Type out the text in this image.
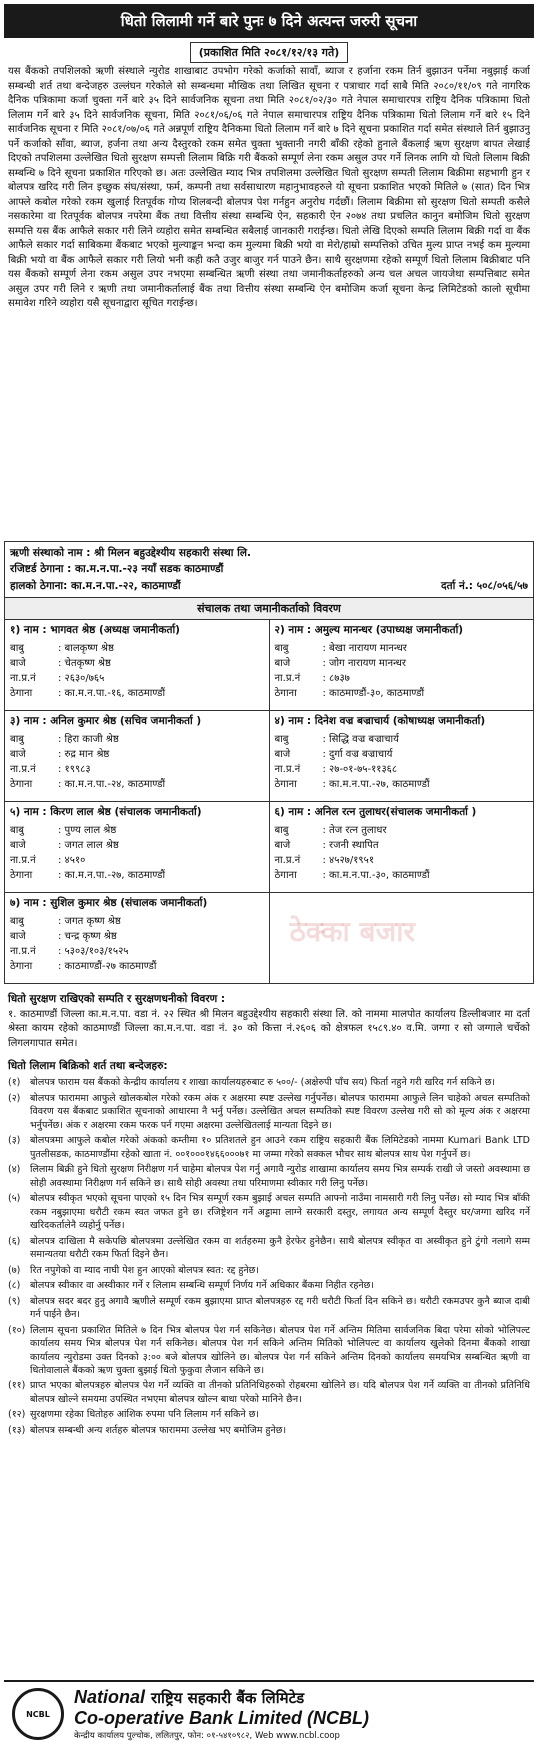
धितो लिलामी गर्ने बारे पुनः ७ दिने अत्यन्त जरुरी सूचना
(प्रकाशित मिति २०८१/१२/१३ गते)
यस बैंकको तपशिलको ऋणी संस्थाले न्युरोड शाखाबाट उपभोग गरेको कर्जाको सावाँ, ब्याज र हर्जाना रकम तिर्न बुझाउन पर्नेमा नबुझाई कर्जा सम्बन्धी शर्त तथा बन्देजहरु उल्लंघन गरेकोले सो सम्बन्धमा मौखिक तथा लिखित सूचना र पत्राचार गर्दा साबै मिति २०८०/११/०९ गते नागरिक दैनिक पत्रिकामा कर्जा चुक्ता गर्ने बारे ३५ दिने सार्वजनिक सूचना तथा मिति २०८१/०२/३० गते नेपाल समाचारपत्र राष्ट्रिय दैनिक पत्रिकामा धितो लिलाम गर्ने बारे ३५ दिने सार्वजनिक सूचना, मिति २०८१/०६/०६ गते नेपाल समाचारपत्र राष्ट्रिय दैनिक पत्रिकामा धितो लिलाम गर्ने बारे १५ दिने सार्वजनिक सूचना र मिति २०८१/०७/०६ गते अन्नपूर्ण राष्ट्रिय दैनिकमा धितो लिलाम गर्ने बारे ७ दिने सूचना प्रकाशित गर्दा समेत संस्थाले तिर्न बुझाउनु पर्ने कर्जाको साँवा, ब्याज, हर्जना तथा अन्य दैस्तुरको रकम समेत चुक्ता भुक्तानी नगरी बाँकी रहेको हुनाले बैंकलाई ऋण सुरक्षण बापत लेखाई दिएको तपशिलमा उल्लेखित धितो सुरक्षण सम्पत्ती लिलाम बिक्रि गरी बैंकको सम्पूर्ण लेना रकम असुल उपर गर्ने लिनक लागि यो धितो लिलाम बिक्री सम्बन्धि ७ दिने सूचना प्रकाशित गरिएको छ। अतः उल्लेखित म्याद भित्र तपशिलमा उल्लेखित धितो सुरक्षण सम्पती लिलाम बिक्रीमा सहभागी हुन र बोलपत्र खरिद गरी लिन इच्छुक संघ/संस्था, फर्म, कम्पनी तथा सर्वसाधारण महानुभावहरुले यो सूचना प्रकाशित भएको मितिले ७ (सात) दिन भित्र आफ्ले कबोल गरेको रकम खुलाई रितपूर्वक गोप्य शिलबन्दी बोलपत्र पेश गर्नहुन अनुरोध गर्दछौं। लिलाम बिक्रीमा सो सुरक्षण धितो सम्पती कसैले नसकारेमा वा रितपूर्वक बोलपत्र नपरेमा बैंक तथा वित्तीय संस्था सम्बन्धि ऐन, सहकारी ऐन २०७४ तथा प्रचलित कानुन बमोजिम धितो सुरक्षण सम्पत्ति यस बैंक आफैले सकार गरी लिने व्यहोरा समेत सम्बन्धित सबैलाई जानकारी गराईन्छ। धितो लेखि दिएको सम्पति लिलाम बिक्री गर्दा वा बैंक आफैले सकार गर्दा साबिकमा बैंकबाट भएको मुल्याङ्कन भन्दा कम मुल्यमा बिक्री भयो वा मेरो/हाम्रो सम्पत्तिको उचित मुल्य प्राप्त नभई कम मुल्यमा बिक्री भयो वा बैंक आफैले सकार गरी लियो भनी कही कतै उजुर बाजुर गर्न पाउने छैन। साथै सुरक्षणमा रहेको सम्पूर्ण धितो लिलाम बिक्रीबाट पनि यस बैंकको सम्पूर्ण लेना रकम असुल उपर नभएमा सम्बन्धित ऋणी संस्था तथा जमानीकर्ताहरुको अन्य चल अचल जायजेथा सम्पत्तिबाट समेत असुल उपर गरी लिने र ऋणी तथा जमानीकर्तालाई बैंक तथा वित्तीय संस्था सम्बन्धि ऐन बमोजिम कर्जा सूचना केन्द्र लिमिटेडको कालो सूचीमा समावेश गरिने व्यहोरा यसै सूचनाद्वारा सूचित गराईन्छ।
ऋणी संस्थाको नाम : श्री मिलन बहुउद्देश्यीय सहकारी संस्था लि.
रजिष्टर्ड ठेगाना : का.म.न.पा.-२३ नयाँ सडक काठमाण्डौं
हालको ठेगाना: का.म.न.पा.-२२, काठमाण्डौं	दर्ता नं.: ५०८/०५६/५७
संचालक तथा जमानीकर्ताको विवरण
१) नाम : भागवत श्रेष्ठ (अध्यक्ष जमानीकर्ता)
बाबु	: बालकृष्ण श्रेष्ठ
बाजे	: चेतकृष्ण श्रेष्ठ
ना.प्र.नं	: २६३०/७६५
ठेगाना	: का.म.न.पा.-१६, काठमाण्डौं
२) नाम : अमुल्य मानन्धर (उपाध्यक्ष जमानीकर्ता)
बाबु	: बेखा नारायण मानन्धर
बाजे	: जोग नारायण मानन्धर
ना.प्र.नं	: ८७३७
ठेगाना	: काठमाण्डौं-३०, काठमाण्डौं
३) नाम : अनिल कुमार श्रेष्ठ (सचिव जमानीकर्ता )
बाबु	: हिरा काजी श्रेष्ठ
बाजे	: रुद्र मान श्रेष्ठ
ना.प्र.नं	: १९९८३
ठेगाना	: का.म.न.पा.-२४, काठमाण्डौं
४) नाम : दिनेश वज्र बज्राचार्य (कोषाध्यक्ष जमानीकर्ता)
बाबु	: सिद्धि वज्र बज्राचार्य
बाजे	: दुर्गा वज्र बज्राचार्य
ना.प्र.नं	: २७-०१-७५-११३६८
ठेगाना	: का.म.न.पा.-२७, काठमाण्डौं
५) नाम : किरण लाल श्रेष्ठ (संचालक जमानीकर्ता)
बाबु	: पुण्य लाल श्रेष्ठ
बाजे	: जगत लाल श्रेष्ठ
ना.प्र.नं	: ४५१०
ठेगाना	: का.म.न.पा.-२७, काठमाण्डौं
६) नाम : अनिल रत्न तुलाधर(संचालक जमानीकर्ता )
बाबु	: तेज रत्न तुलाधर
बाजे	: रजनी स्थापित
ना.प्र.नं	: ४५२७/१९५१
ठेगाना	: का.म.न.पा.-३०, काठमाण्डौं
७) नाम : सुशिल कुमार श्रेष्ठ (संचालक जमानीकर्ता)
बाबु	: जगत कृष्ण श्रेष्ठ
बाजे	: चन्द्र कृष्ण श्रेष्ठ
ना.प्र.नं	: ५३०३/१०३/१५२५
ठेगाना	: काठमाण्डौं-२७ काठमाण्डौं
ठेक्का बजार
धितो सुरक्षण राखिएको सम्पति र सुरक्षणधनीको विवरण :
१. काठमाण्डौं जिल्ला का.म.न.पा. वडा नं. २२ स्थित श्री मिलन बहुउद्देश्यीय सहकारी संस्था लि. को नाममा मालपोत कार्यालय डिल्लीबजार मा दर्ता श्रेस्ता कायम रहेको काठमाण्डौं जिल्ला का.म.न.पा. वडा नं. ३० को कित्ता नं.२६०६ को क्षेत्रफल १५८९.४० व.मि. जग्गा र सो जग्गाले चर्चेको लिगलगापात समेत।
धितो लिलाम बिक्रिको शर्त तथा बन्देजहरु:
(१)	बोलपत्र फाराम यस बैंकको केन्द्रीय कार्यालय र शाखा कार्यालयहरुबाट रु ५००/- (अक्षेरुपी पाँच सय) फिर्ता नहुने गरी खरिद गर्न सकिने छ।
(२)	बोलपत्र फाराममा आफुले खोलकबोल गरेको रकम अंक र अक्षरमा स्पष्ट उल्लेख गर्नुपर्नेछ। बोलपत्र फाराममा आफुले लिन चाहेको अचल सम्पतिको विवरण यस बैंकबाट प्रकाशित सूचनाको आधारमा नै भर्नु पर्नेछ। उल्लेखित अचल सम्पतिको स्पष्ट विवरण उल्लेख गरी सो को मूल्य अंक र अक्षरमा भर्नुपर्नेछ। अंक र अक्षरमा रकम फरक पर्न गएमा अक्षरमा उल्लेखितलाई मान्यता दिइने छ।
(३)	बोलपत्रमा आफुले कबोल गरेको अंकको कम्तीमा १० प्रतिशतले हुन आउने रकम राष्ट्रिय सहकारी बैंक लिमिटेडको नाममा Kumari Bank LTD पुतलीसडक, काठमाण्डौंमा रहेको खाता नं. ००१०००१४६६०००७१ मा जम्मा गरेको सक्कल भौचर साथ बोलपत्र साथ पेश गर्नुपर्ने छ।
(४)	लिलाम बिक्री हुने धितो सुरक्षण निरीक्षण गर्न चाहेमा बोलपत्र पेश गर्नु अगावै न्युरोड शाखामा कार्यालय समय भित्र सम्पर्क राखी जे जस्तो अवस्थामा छ सोही अवस्थामा निरीक्षण गर्न सकिने छ। साथै सोही अवस्था तथा परिमाणमा स्वीकार गरी लिनु पर्नेछ।
(५)	बोलपत्र स्वीकृत भएको सूचना पाएको १५ दिन भित्र सम्पूर्ण रकम बुझाई अचल सम्पति आफ्नो नाउँमा नामसारी गरी लिनु पर्नेछ। सो म्याद भित्र बाँकी रकम नबुझाएमा धरौटी रकम स्वत जफत हुने छ। रजिष्ट्रेशन गर्ने अड्डामा लाग्ने सरकारी दस्तुर, लगायत अन्य सम्पूर्ण दैस्तुर घर/जग्गा खरिद गर्ने खरिदकर्तालेनै व्यहोर्नु पर्नेछ।
(६)	बोलपत्र दाखिला मै सकेपछि बोलपत्रमा उल्लेखित रकम वा शर्तहरुमा कुनै हेरफेर हुनेछैन। साथै बोलपत्र स्वीकृत वा अस्वीकृत हुने टुंगो नलागे सम्म समान्यतया धरौटी रकम फिर्ता दिइने छैन।
(७)	रित नपुगेको वा म्याद नाघी पेश हुन आएको बोलपत्र स्वत: रद्द हुनेछ।
(८)	बोलपत्र स्वीकार वा अस्वीकार गर्ने र लिलाम सम्बन्धि सम्पूर्ण निर्णय गर्ने अधिकार बैंकमा निहीत रहनेछ।
(९)	बोलपत्र सदर बदर हुनु अगावै ऋणीले सम्पूर्ण रकम बुझाएमा प्राप्त बोलपत्रहरु रद्द गरी धरौटी फिर्ता दिन सकिने छ। धरौटी रकमउपर कुनै ब्याज दाबी गर्न पाईने छैन।
(१०) लिलाम सूचना प्रकाशित मितिले ७ दिन भित्र बोलपत्र पेश गर्न सकिनेछ। बोलपत्र पेश गर्ने अन्तिम मितिमा सार्वजनिक बिदा परेमा सोको भोलिपल्ट कार्यालय समय भित्र बोलपत्र पेश गर्न सकिनेछ। बोलपत्र पेश गर्न सकिने अन्तिम मितिको भोलिपल्ट वा कार्यालय खुलेको दिनमा बैंकको शाखा कार्यालय न्युरोडमा उक्त दिनको ३:०० बजे बोलपत्र खोलिने छ। बोलपत्र पेश गर्न सकिने अन्तिम दिनको कार्यालय समयभित्र सम्बन्धित ऋणी वा धितोवालाले बैंकको ऋण चुक्ता बुझाई धितो फुकुवा लैजान सकिने छ।
(११) प्राप्त भएका बोलपत्रहरु बोलपत्र पेश गर्ने व्यक्ति वा तीनको प्रतिनिधिहरुको रोहबरमा खोलिने छ। यदि बोलपत्र पेश गर्ने व्यक्ति वा तीनको प्रतिनिधि बोलपत्र खोल्ने समयमा उपस्थित नभएमा बोलपत्र खोल्न बाधा परेको मानिने छैन।
(१२) सुरक्षणमा रहेका धितोहरु आंशिक रुपमा पनि लिलाम गर्न सकिने छ।
(१३) बोलपत्र सम्बन्धी अन्य शर्तहरु बोलपत्र फाराममा उल्लेख भए बमोजिम हुनेछ।
NCBL
National राष्ट्रिय सहकारी बैंक लिमिटेड
Co-operative Bank Limited (NCBL)
केन्द्रीय कार्यालय पुल्चोक, ललितपुर, फोन: ०१-५४१०९८२, Web www.ncbl.coop
